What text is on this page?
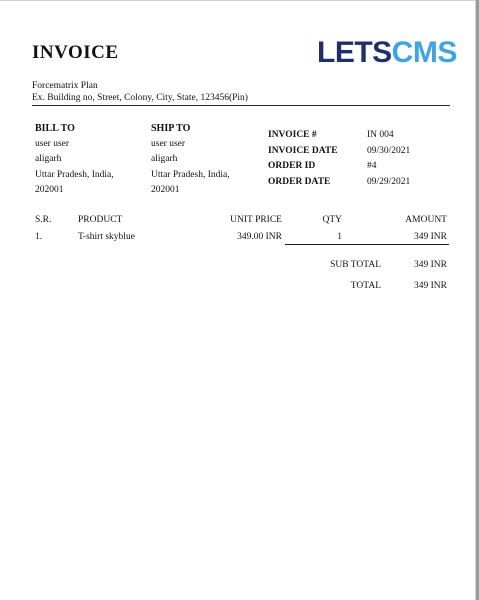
INVOICE	LETSCMS
Forcematrix Plan
Ex. Building no, Street, Colony, City, State, 123456(Pin)
BILL TO
user user
aligarh
Uttar Pradesh, India,
202001
SHIP TO
user user
aligarh
Uttar Pradesh, India,
202001
INVOICE #	IN 004
INVOICE DATE	09/30/2021
ORDER ID	#4
ORDER DATE	09/29/2021
S.R.	PRODUCT	UNIT PRICE	QTY	AMOUNT
1.	T-shirt skyblue	349.00 INR	1	349 INR
SUB TOTAL	349 INR
TOTAL	349 INR
